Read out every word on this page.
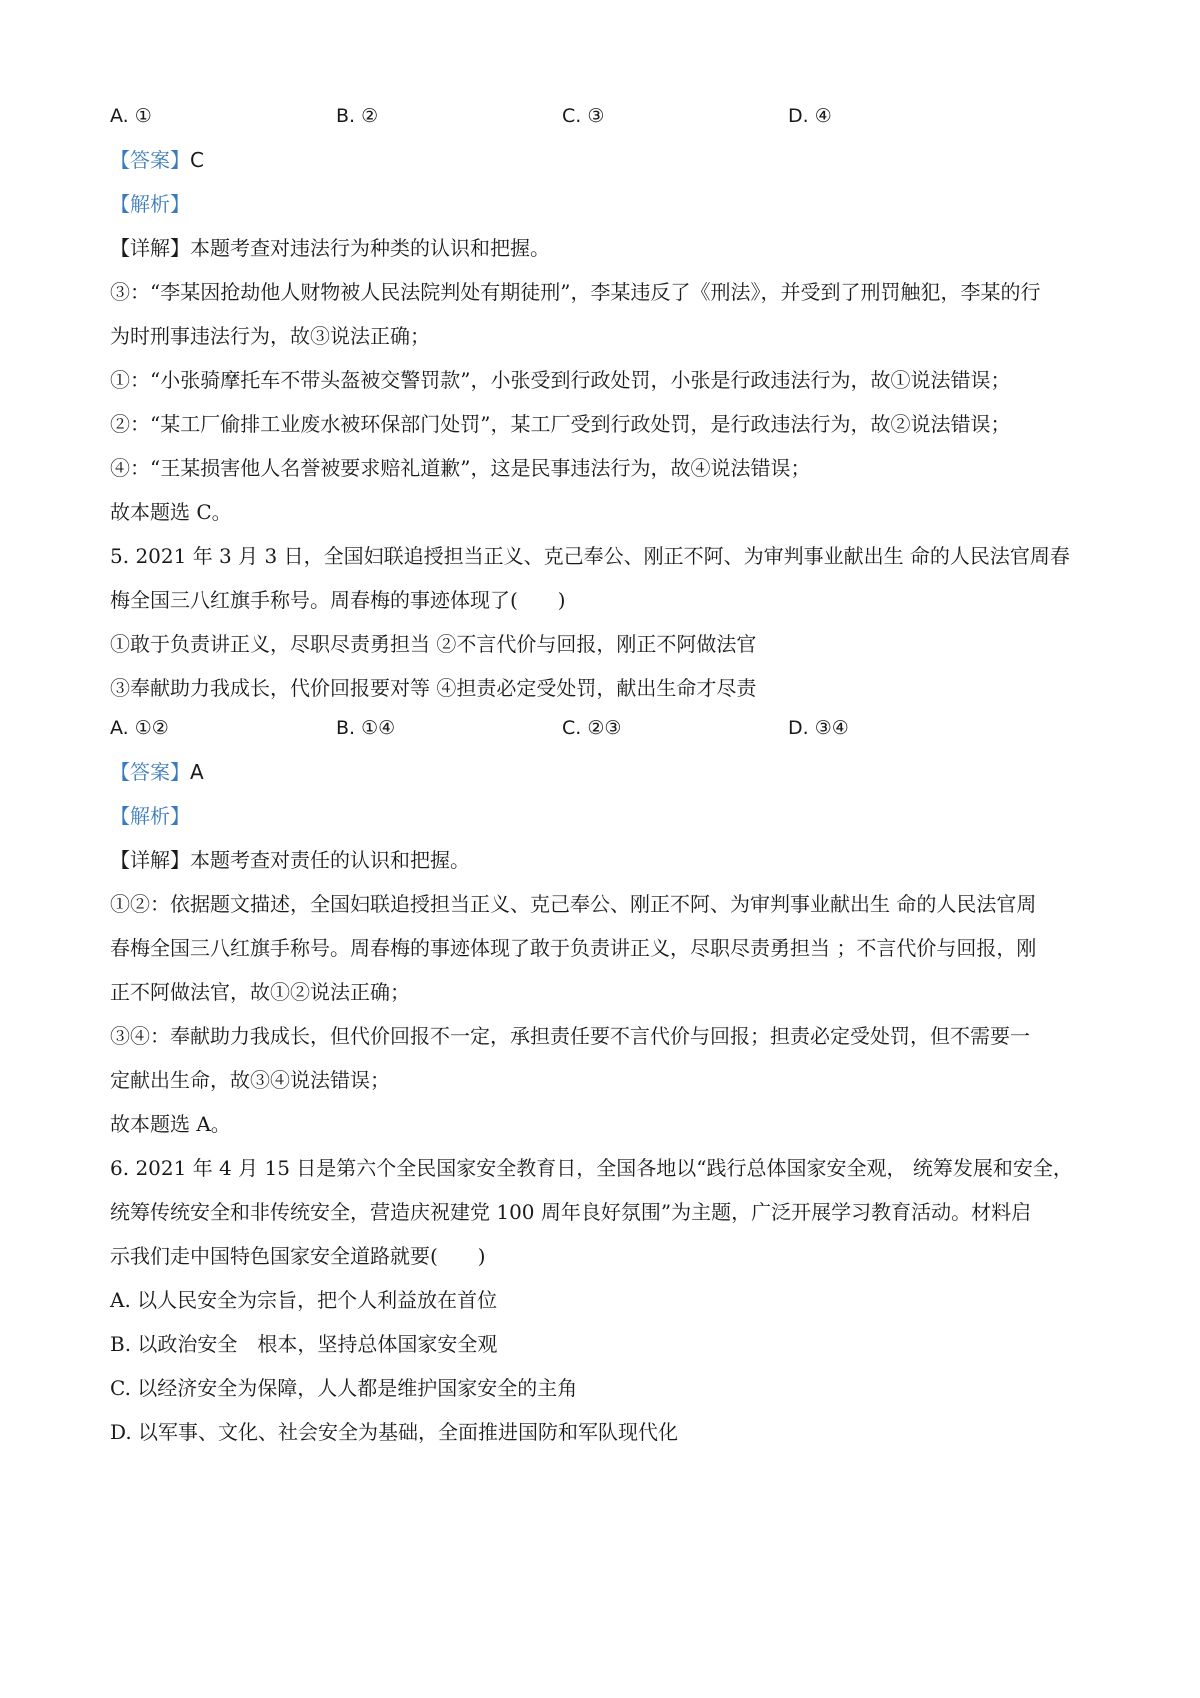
A. ①	B. ②	C. ③	D. ④
【答案】C
【解析】
【详解】本题考查对违法行为种类的认识和把握。
③：“李某因抢劫他人财物被人民法院判处有期徒刑”，李某违反了《刑法》，并受到了刑罚触犯，李某的行
为时刑事违法行为，故③说法正确；
①：“小张骑摩托车不带头盔被交警罚款”，小张受到行政处罚，小张是行政违法行为，故①说法错误；
②：“某工厂偷排工业废水被环保部门处罚”，某工厂受到行政处罚，是行政违法行为，故②说法错误；
④：“王某损害他人名誉被要求赔礼道歉”，这是民事违法行为，故④说法错误；
故本题选 C。
5. 2021 年 3 月 3 日，全国妇联追授担当正义、克己奉公、刚正不阿、为审判事业献出生 命的人民法官周春
梅全国三八红旗手称号。周春梅的事迹体现了(　　)
①敢于负责讲正义，尽职尽责勇担当 ②不言代价与回报，刚正不阿做法官
③奉献助力我成长，代价回报要对等 ④担责必定受处罚，献出生命才尽责
A. ①②	B. ①④	C. ②③	D. ③④
【答案】A
【解析】
【详解】本题考查对责任的认识和把握。
①②：依据题文描述，全国妇联追授担当正义、克己奉公、刚正不阿、为审判事业献出生 命的人民法官周
春梅全国三八红旗手称号。周春梅的事迹体现了敢于负责讲正义，尽职尽责勇担当 ；不言代价与回报，刚
正不阿做法官，故①②说法正确；
③④：奉献助力我成长，但代价回报不一定，承担责任要不言代价与回报；担责必定受处罚，但不需要一
定献出生命，故③④说法错误；
故本题选 A。
6. 2021 年 4 月 15 日是第六个全民国家安全教育日，全国各地以“践行总体国家安全观， 统筹发展和安全，
统筹传统安全和非传统安全，营造庆祝建党 100 周年良好氛围”为主题，广泛开展学习教育活动。材料启
示我们走中国特色国家安全道路就要(　　)
A. 以人民安全为宗旨，把个人利益放在首位
B. 以政治安全　根本，坚持总体国家安全观
C. 以经济安全为保障，人人都是维护国家安全的主角
D. 以军事、文化、社会安全为基础，全面推进国防和军队现代化
